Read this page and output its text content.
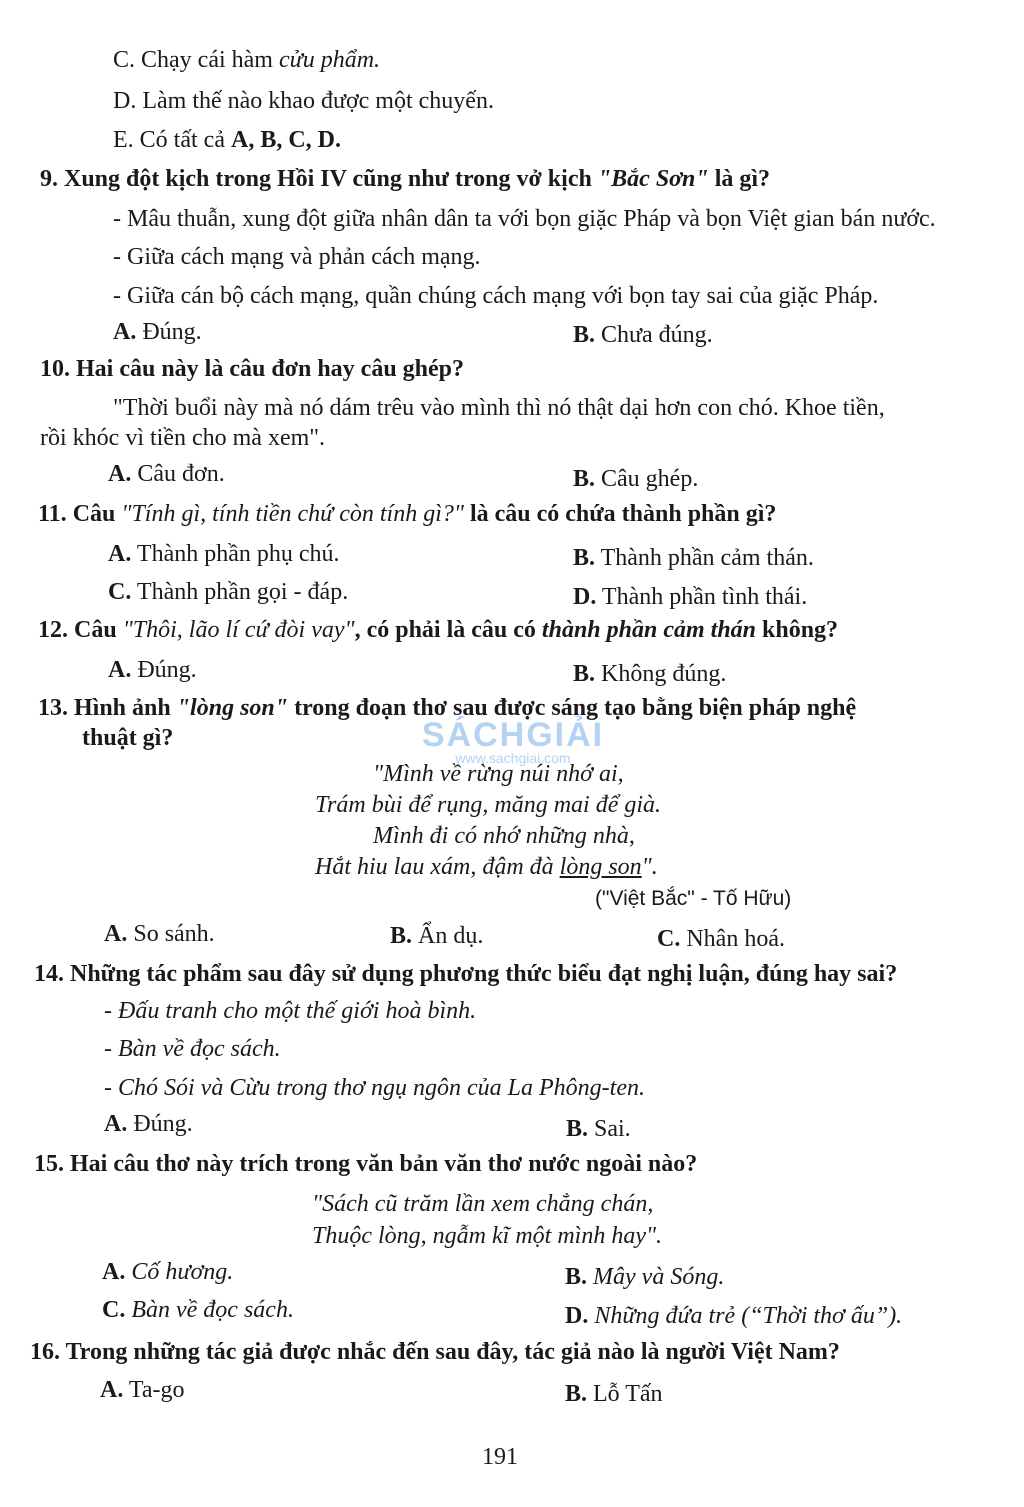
C. Chạy cái hàm cửu phẩm.
D. Làm thế nào khao được một chuyến.
E. Có tất cả A, B, C, D.
9. Xung đột kịch trong Hồi IV cũng như trong vở kịch "Bắc Sơn" là gì?
- Mâu thuẫn, xung đột giữa nhân dân ta với bọn giặc Pháp và bọn Việt gian bán nước.
- Giữa cách mạng và phản cách mạng.
- Giữa cán bộ cách mạng, quần chúng cách mạng với bọn tay sai của giặc Pháp.
A. Đúng.	B. Chưa đúng.
10. Hai câu này là câu đơn hay câu ghép?
"Thời buổi này mà nó dám trêu vào mình thì nó thật dại hơn con chó. Khoe tiền,
rồi khóc vì tiền cho mà xem".
A. Câu đơn.	B. Câu ghép.
11. Câu "Tính gì, tính tiền chứ còn tính gì?" là câu có chứa thành phần gì?
A. Thành phần phụ chú.	B. Thành phần cảm thán.
C. Thành phần gọi - đáp.	D. Thành phần tình thái.
12. Câu "Thôi, lão lí cứ đòi vay", có phải là câu có thành phần cảm thán không?
A. Đúng.	B. Không đúng.
13. Hình ảnh "lòng son" trong đoạn thơ sau được sáng tạo bằng biện pháp nghệ
thuật gì?	SÁCHGIẢI
www.sachgiai.com
"Mình về rừng núi nhớ ai,
Trám bùi để rụng, măng mai để già.
Mình đi có nhớ những nhà,
Hắt hiu lau xám, đậm đà lòng son".
("Việt Bắc" - Tố Hữu)
A. So sánh.	B. Ẩn dụ.	C. Nhân hoá.
14. Những tác phẩm sau đây sử dụng phương thức biểu đạt nghị luận, đúng hay sai?
- Đấu tranh cho một thế giới hoà bình.
- Bàn về đọc sách.
- Chó Sói và Cừu trong thơ ngụ ngôn của La Phông-ten.
A. Đúng.	B. Sai.
15. Hai câu thơ này trích trong văn bản văn thơ nước ngoài nào?
"Sách cũ trăm lần xem chẳng chán,
Thuộc lòng, ngẫm kĩ một mình hay".
A. Cố hương.	B. Mây và Sóng.
C. Bàn về đọc sách.	D. Những đứa trẻ (“Thời thơ ấu”).
16. Trong những tác giả được nhắc đến sau đây, tác giả nào là người Việt Nam?
A. Ta-go	B. Lỗ Tấn
191
